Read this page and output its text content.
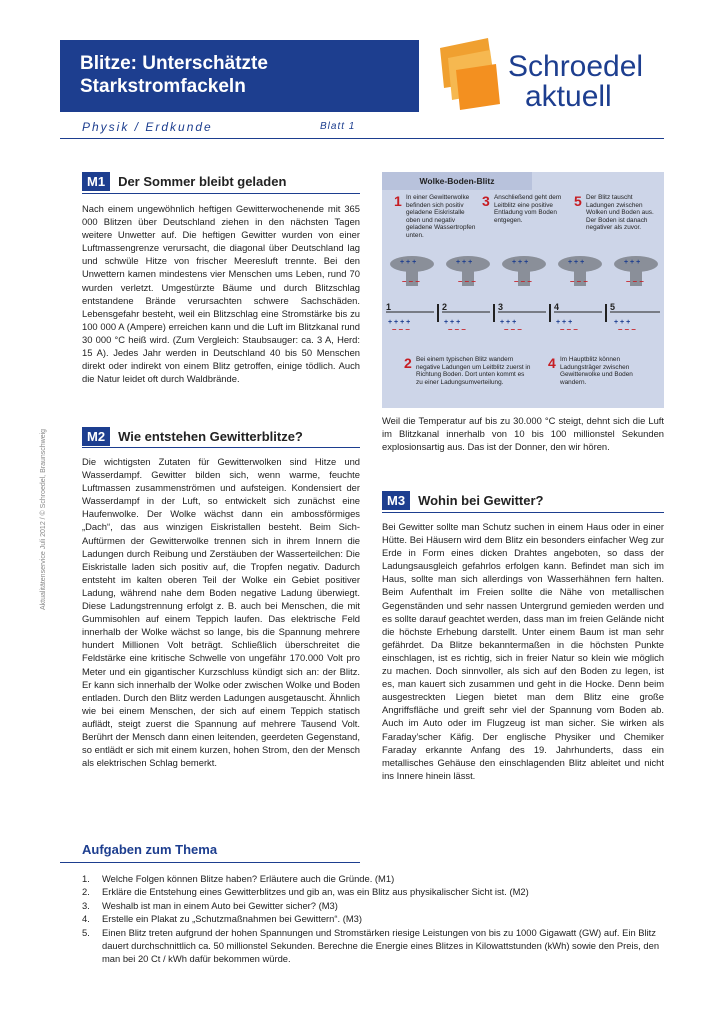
Blitze: Unterschätzte
Starkstromfackeln
Schroedel
aktuell
Physik / Erdkunde	Blatt 1
Aktualitätenservice Juli 2012 / © Schroedel, Braunschweig
M1	Der Sommer bleibt geladen
Nach einem ungewöhnlich heftigen Gewitterwochenende mit 365 000 Blitzen über Deutschland ziehen in den nächsten Tagen weitere Unwetter auf. Die heftigen Gewitter wurden von einer Luftmassengrenze verursacht, die diagonal über Deutschland lag und schwüle Hitze von frischer Meeresluft trennte. Bei den Unwettern kamen mindestens vier Menschen ums Leben, rund 70 wurden verletzt. Umgestürzte Bäume und durch Blitzschlag entstandene Brände verursachten schwere Sachschäden. Lebensgefahr besteht, weil ein Blitzschlag eine Stromstärke bis zu 100 000 A (Ampere) erreichen kann und die Luft im Blitzkanal rund 30 000 °C heiß wird. (Zum Vergleich: Staubsauger: ca. 3 A, Herd: 15 A). Jedes Jahr werden in Deutschland 40 bis 50 Menschen direkt oder indirekt von einem Blitz getroffen, einige tödlich. Auch die Natur leidet oft durch Waldbrände.
M2	Wie entstehen Gewitterblitze?
Die wichtigsten Zutaten für Gewitterwolken sind Hitze und Wasserdampf. Gewitter bilden sich, wenn warme, feuchte Luftmassen zusammenströmen und aufsteigen. Kondensiert der Wasserdampf in der Luft, so entwickelt sich zunächst eine Haufenwolke. Der Wolke wächst dann ein ambossförmiges „Dach“, das aus winzigen Eiskristallen besteht. Beim Sich-Auftürmen der Gewitterwolke trennen sich in ihrem Innern die Ladungen durch Reibung und Zerstäuben der Wasserteilchen: Die Eiskristalle laden sich positiv auf, die Tropfen negativ. Dadurch entsteht im kalten oberen Teil der Wolke ein Gebiet positiver Ladung, während nahe dem Boden negative Ladung überwiegt. Diese Ladungstrennung erfolgt z. B. auch bei Menschen, die mit Gummisohlen auf einem Teppich laufen. Das elektrische Feld innerhalb der Wolke wächst so lange, bis die Spannung mehrere hundert Millionen Volt beträgt. Schließlich überschreitet die Feldstärke eine kritische Schwelle von ungefähr 170.000 Volt pro Meter und ein gigantischer Kurzschluss kündigt sich an: der Blitz. Er kann sich innerhalb der Wolke oder zwischen Wolke und Boden entladen. Durch den Blitz werden Ladungen ausgetauscht. Ähnlich wie bei einem Menschen, der sich auf einem Teppich statisch auflädt, steigt zuerst die Spannung auf mehrere Tausend Volt. Berührt der Mensch dann einen leitenden, geerdeten Gegenstand, so entlädt er sich mit einem kurzen, hohen Strom, den der Mensch als elektrischen Schlag bemerkt.
Wolke-Boden-Blitz
1 In einer Gewitterwolke befinden sich positiv geladene Eiskristalle oben und negativ geladene Wassertropfen unten.
3 Anschließend geht dem Leitblitz eine positive Entladung vom Boden entgegen.
5 Der Blitz tauscht Ladungen zwischen Wolken und Boden aus. Der Boden ist danach negativer als zuvor.
+ + +	+ + +	+ + +	+ + +	+ + +
+ + + +	+ + +	+ + +	+ + +	+ + +
– – –	– – –	– – –	– – –	– – –
– – –	– – –	– – –	– – –	– – –
1	2	3	4	5
2 Bei einem typischen Blitz wandern negative Ladungen um Leitblitz zuerst in Richtung Boden. Dort unten kommt es zu einer Ladungsumverteilung.
4 Im Hauptblitz können Ladungsträger zwischen Gewitterwolke und Boden wandern.
Weil die Temperatur auf bis zu 30.000 °C steigt, dehnt sich die Luft im Blitzkanal innerhalb von 10 bis 100 millionstel Sekunden explosionsartig aus. Das ist der Donner, den wir hören.
M3	Wohin bei Gewitter?
Bei Gewitter sollte man Schutz suchen in einem Haus oder in einer Hütte. Bei Häusern wird dem Blitz ein besonders einfacher Weg zur Erde in Form eines dicken Drahtes angeboten, so dass der Ladungsausgleich gefahrlos erfolgen kann. Befindet man sich im Haus, sollte man sich allerdings von Wasserhähnen fern halten. Beim Aufenthalt im Freien sollte die Nähe von metallischen Gegenständen und sehr nassen Untergrund gemieden werden und es sollte darauf geachtet werden, dass man im freien Gelände nicht die höchste Erhebung darstellt. Unter einem Baum ist man sehr gefährdet. Da Blitze bekanntermaßen in die höchsten Punkte einschlagen, ist es richtig, sich in freier Natur so klein wie möglich zu machen. Doch sinnvoller, als sich auf den Boden zu legen, ist es, man kauert sich zusammen und geht in die Hocke. Denn beim ausgestreckten Liegen bietet man dem Blitz eine große Angriffsfläche und greift sehr viel der Spannung vom Boden ab. Auch im Auto oder im Flugzeug ist man sicher. Sie wirken als Faraday’scher Käfig. Der englische Physiker und Chemiker Faraday erkannte Anfang des 19. Jahrhunderts, dass ein metallisches Gehäuse den einschlagenden Blitz ableitet und nicht ins Innere hinein lässt.
Aufgaben zum Thema
1.	Welche Folgen können Blitze haben? Erläutere auch die Gründe. (M1)
2.	Erkläre die Entstehung eines Gewitterblitzes und gib an, was ein Blitz aus physikalischer Sicht ist. (M2)
3.	Weshalb ist man in einem Auto bei Gewitter sicher? (M3)
4.	Erstelle ein Plakat zu „Schutzmaßnahmen bei Gewittern“. (M3)
5.	Einen Blitz treten aufgrund der hohen Spannungen und Stromstärken riesige Leistungen von bis zu 1000 Gigawatt (GW) auf. Ein Blitz dauert durchschnittlich ca. 50 millionstel Sekunden. Berechne die Energie eines Blitzes in Kilowattstunden (kWh) sowie den Preis, den man bei 20 Ct / kWh dafür bekommen würde.
